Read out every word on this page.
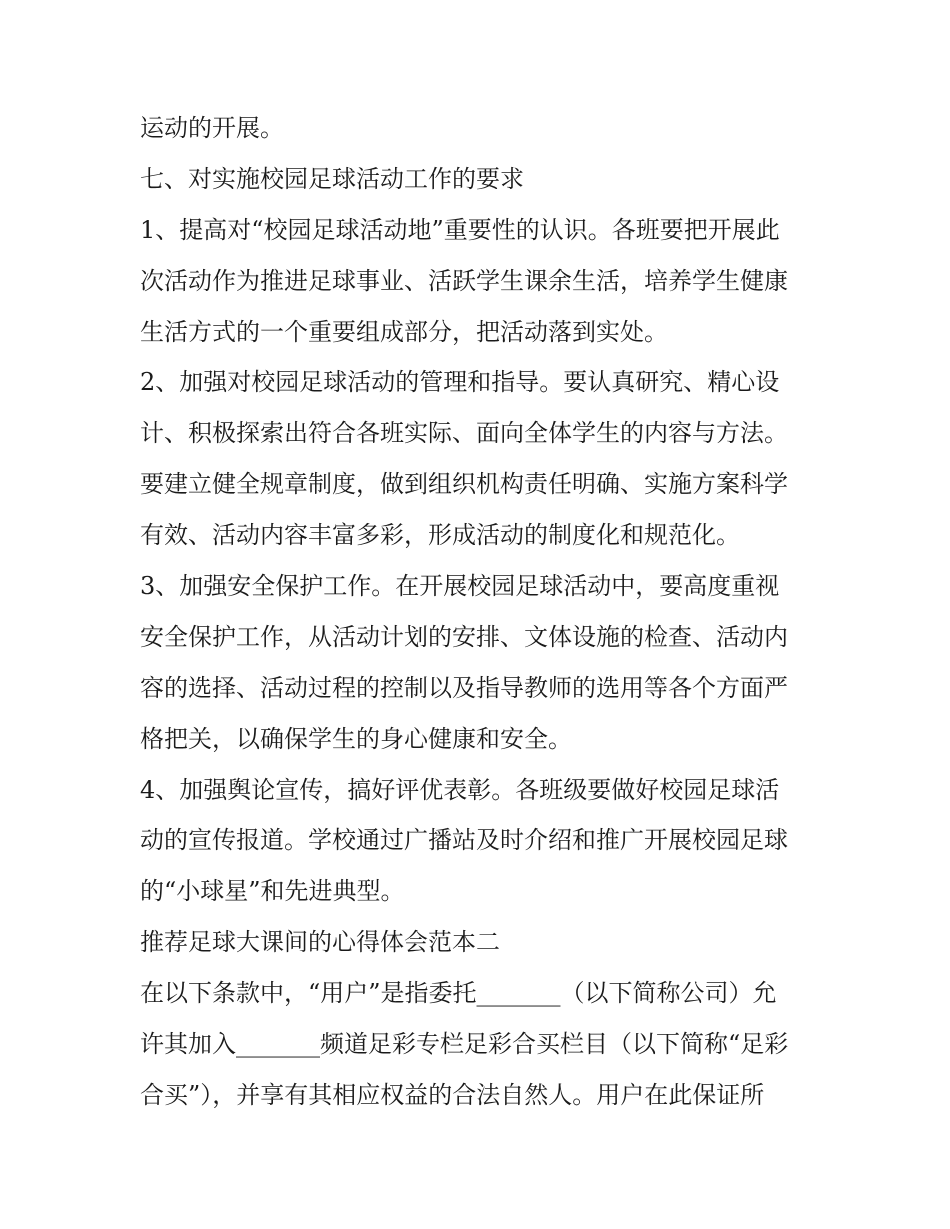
运动的开展。

七、对实施校园足球活动工作的要求

1、提高对“校园足球活动地”重要性的认识。各班要把开展此

次活动作为推进足球事业、活跃学生课余生活，培养学生健康

生活方式的一个重要组成部分，把活动落到实处。

2、加强对校园足球活动的管理和指导。要认真研究、精心设

计、积极探索出符合各班实际、面向全体学生的内容与方法。

要建立健全规章制度，做到组织机构责任明确、实施方案科学

有效、活动内容丰富多彩，形成活动的制度化和规范化。

3、加强安全保护工作。在开展校园足球活动中，要高度重视

安全保护工作，从活动计划的安排、文体设施的检查、活动内

容的选择、活动过程的控制以及指导教师的选用等各个方面严

格把关，以确保学生的身心健康和安全。

4、加强舆论宣传，搞好评优表彰。各班级要做好校园足球活

动的宣传报道。学校通过广播站及时介绍和推广开展校园足球

的“小球星”和先进典型。

推荐足球大课间的心得体会范本二

在以下条款中，“用户”是指委托_______（以下简称公司）允

许其加入_______频道足彩专栏足彩合买栏目（以下简称“足彩

合买”），并享有其相应权益的合法自然人。用户在此保证所
